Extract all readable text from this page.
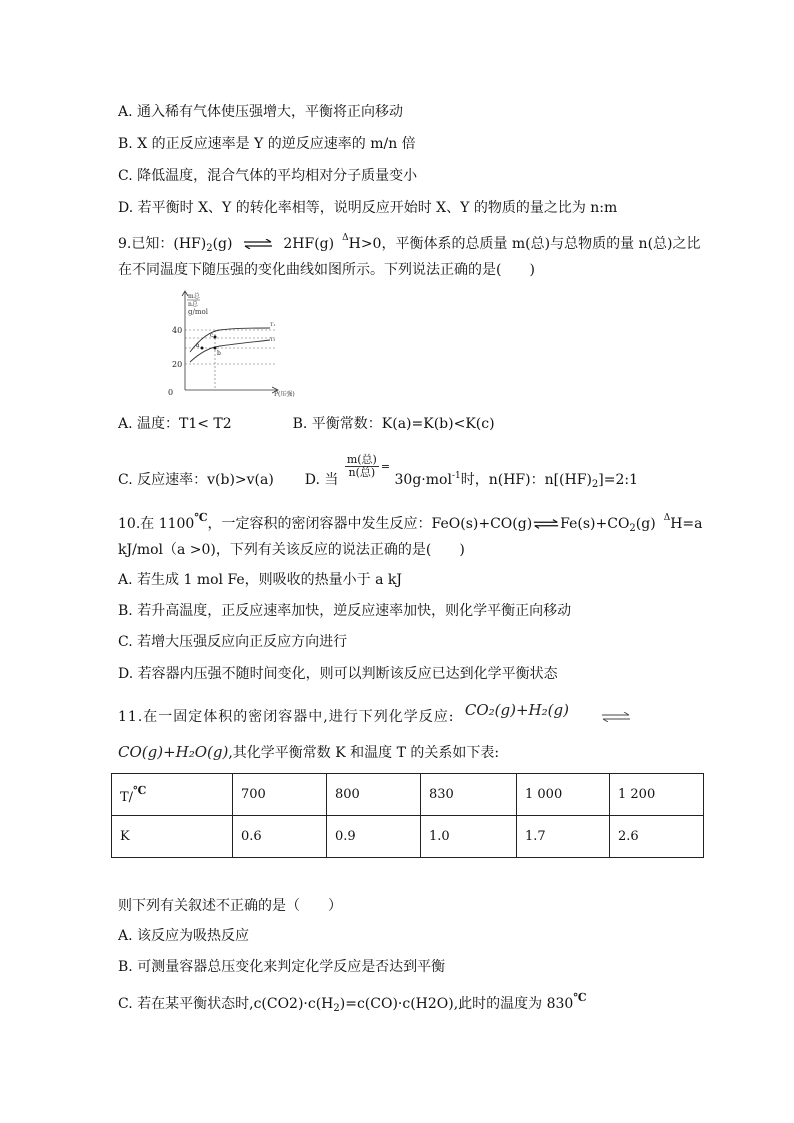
A. 通入稀有气体使压强增大，平衡将正向移动
B. X 的正反应速率是 Y 的逆反应速率的 m/n 倍
C. 降低温度，混合气体的平均相对分子质量变小
D. 若平衡时 X、Y 的转化率相等，说明反应开始时 X、Y 的物质的量之比为 n:m
9.已知：$(HF)_2(g)$ ⇌ 2HF(g) $^\Delta$H>0，平衡体系的总质量 m(总)与总物质的量 n(总)之比
在不同温度下随压强的变化曲线如图所示。下列说法正确的是(　　)
m总
n总
g/mol
40
20
0	P(压强)
c
b
a
T₁
T₂
A. 温度：T1< T2	B. 平衡常数：K(a)=K(b)<K(c)
C. 反应速率：v(b)>v(a) D. 当
$\frac{\text{m(总)}}{\text{n(总)}} ^=$ 30g·mol$^{-1}$时，n(HF)：$n[(HF)_2]=2:1$
10.在 1100℃，一定容积的密闭容器中发生反应：$FeO(s)+CO(g)\rightleftharpoons Fe(s)+CO_2(g)$ $^\Delta$H=a
kJ/mol（a >0)，下列有关该反应的说法正确的是(　　)
A. 若生成 1 mol Fe，则吸收的热量小于 a kJ
B. 若升高温度，正反应速率加快，逆反应速率加快，则化学平衡正向移动
C. 若增大压强反应向正反应方向进行
D. 若容器内压强不随时间变化，则可以判断该反应已达到化学平衡状态
11.在一固定体积的密闭容器中,进行下列化学反应: CO₂(g)+H₂(g)
CO(g)+H₂O(g),其化学平衡常数 K 和温度 T 的关系如下表:
T/℃	700	800	830	1 000	1 200
K	0.6	0.9	1.0	1.7	2.6
则下列有关叙述不正确的是（　　）
A. 该反应为吸热反应
B. 可测量容器总压变化来判定化学反应是否达到平衡
C. 若在某平衡状态时$,c(CO2)\cdot c(H_2)=c(CO)\cdot c(H2O)$,此时的温度为 830℃
